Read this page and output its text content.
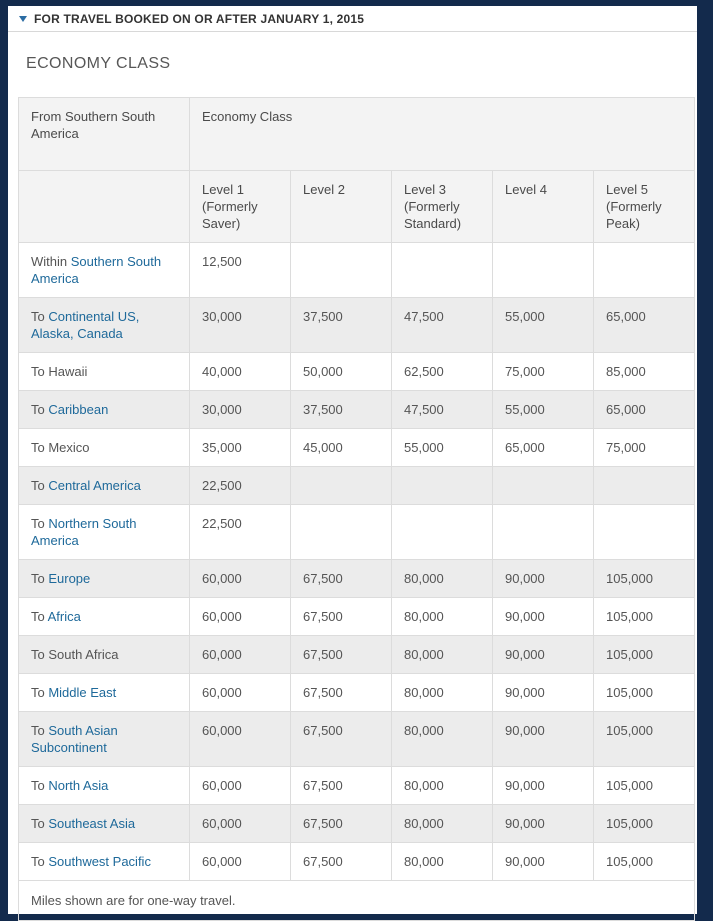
FOR TRAVEL BOOKED ON OR AFTER JANUARY 1, 2015
ECONOMY CLASS
From Southern South America	Economy Class				
	Level 1 (Formerly Saver)	Level 2	Level 3 (Formerly Standard)	Level 4	Level 5 (Formerly Peak)
Within Southern South America	12,500				
To Continental US, Alaska, Canada	30,000	37,500	47,500	55,000	65,000
To Hawaii	40,000	50,000	62,500	75,000	85,000
To Caribbean	30,000	37,500	47,500	55,000	65,000
To Mexico	35,000	45,000	55,000	65,000	75,000
To Central America	22,500				
To Northern South America	22,500				
To Europe	60,000	67,500	80,000	90,000	105,000
To Africa	60,000	67,500	80,000	90,000	105,000
To South Africa	60,000	67,500	80,000	90,000	105,000
To Middle East	60,000	67,500	80,000	90,000	105,000
To South Asian Subcontinent	60,000	67,500	80,000	90,000	105,000
To North Asia	60,000	67,500	80,000	90,000	105,000
To Southeast Asia	60,000	67,500	80,000	90,000	105,000
To Southwest Pacific	60,000	67,500	80,000	90,000	105,000
Miles shown are for one-way travel.					
